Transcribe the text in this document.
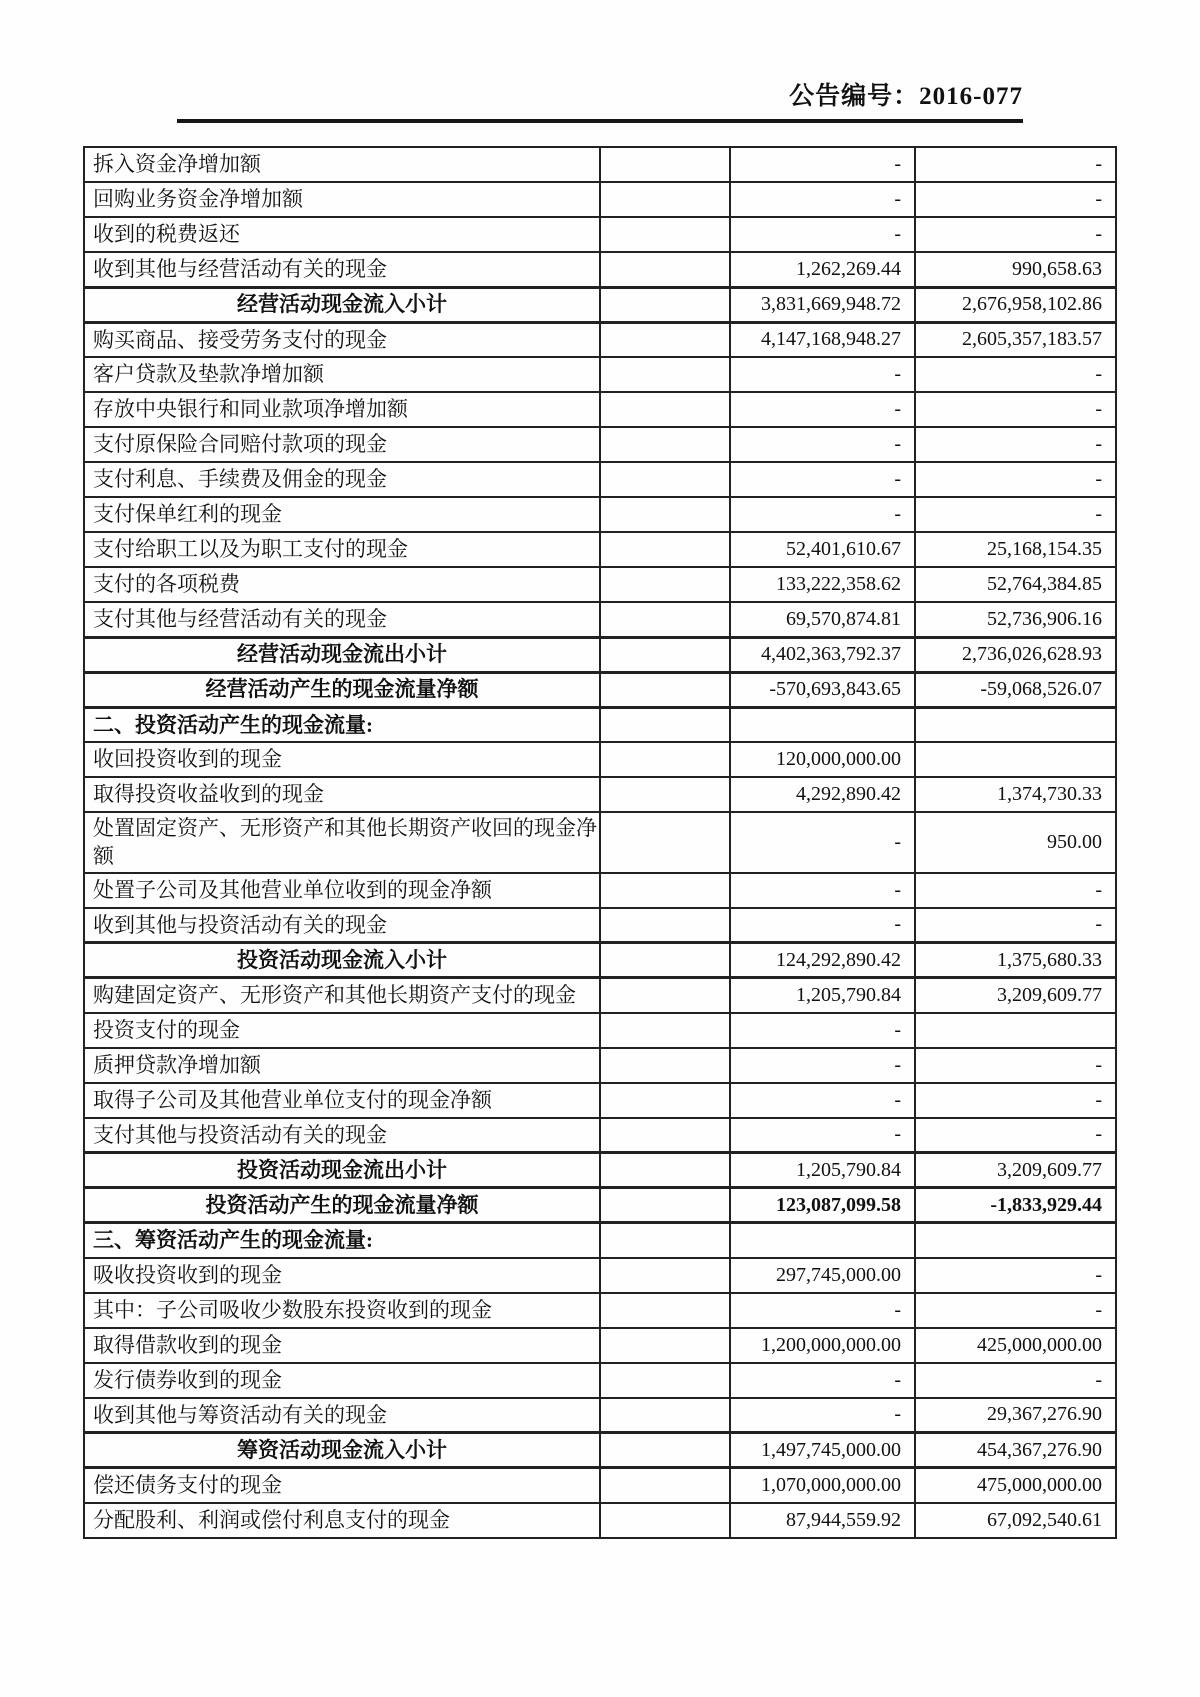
公告编号：2016-077
拆入资金净增加额		-	-
回购业务资金净增加额		-	-
收到的税费返还		-	-
收到其他与经营活动有关的现金		1,262,269.44	990,658.63
经营活动现金流入小计		3,831,669,948.72	2,676,958,102.86
购买商品、接受劳务支付的现金		4,147,168,948.27	2,605,357,183.57
客户贷款及垫款净增加额		-	-
存放中央银行和同业款项净增加额		-	-
支付原保险合同赔付款项的现金		-	-
支付利息、手续费及佣金的现金		-	-
支付保单红利的现金		-	-
支付给职工以及为职工支付的现金		52,401,610.67	25,168,154.35
支付的各项税费		133,222,358.62	52,764,384.85
支付其他与经营活动有关的现金		69,570,874.81	52,736,906.16
经营活动现金流出小计		4,402,363,792.37	2,736,026,628.93
经营活动产生的现金流量净额		-570,693,843.65	-59,068,526.07
二、投资活动产生的现金流量:			
收回投资收到的现金		120,000,000.00	
取得投资收益收到的现金		4,292,890.42	1,374,730.33
处置固定资产、无形资产和其他长期资产收回的现金净额		-	950.00
处置子公司及其他营业单位收到的现金净额		-	-
收到其他与投资活动有关的现金		-	-
投资活动现金流入小计		124,292,890.42	1,375,680.33
购建固定资产、无形资产和其他长期资产支付的现金		1,205,790.84	3,209,609.77
投资支付的现金		-	
质押贷款净增加额		-	-
取得子公司及其他营业单位支付的现金净额		-	-
支付其他与投资活动有关的现金		-	-
投资活动现金流出小计		1,205,790.84	3,209,609.77
投资活动产生的现金流量净额		123,087,099.58	-1,833,929.44
三、筹资活动产生的现金流量:			
吸收投资收到的现金		297,745,000.00	-
其中：子公司吸收少数股东投资收到的现金		-	-
取得借款收到的现金		1,200,000,000.00	425,000,000.00
发行债券收到的现金		-	-
收到其他与筹资活动有关的现金		-	29,367,276.90
筹资活动现金流入小计		1,497,745,000.00	454,367,276.90
偿还债务支付的现金		1,070,000,000.00	475,000,000.00
分配股利、利润或偿付利息支付的现金		87,944,559.92	67,092,540.61
